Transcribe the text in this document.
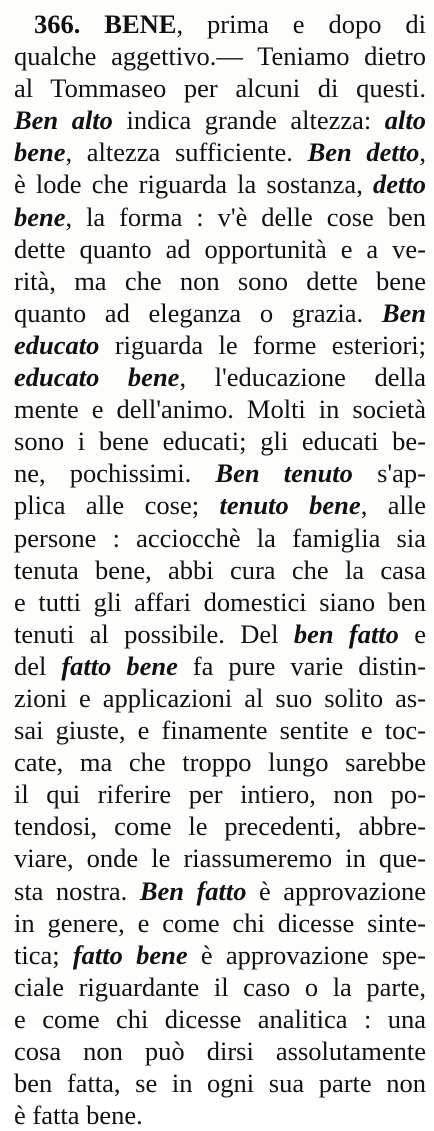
366. BENE, prima e dopo di
qualche aggettivo.— Teniamo dietro
al Tommaseo per alcuni di questi.
Ben alto indica grande altezza: alto
bene, altezza sufficiente. Ben detto,
è lode che riguarda la sostanza, detto
bene, la forma : v'è delle cose ben
dette quanto ad opportunità e a ve-
rità, ma che non sono dette bene
quanto ad eleganza o grazia. Ben
educato riguarda le forme esteriori;
educato bene, l'educazione della
mente e dell'animo. Molti in società
sono i bene educati; gli educati be-
ne, pochissimi. Ben tenuto s'ap-
plica alle cose; tenuto bene, alle
persone : acciocchè la famiglia sia
tenuta bene, abbi cura che la casa
e tutti gli affari domestici siano ben
tenuti al possibile. Del ben fatto e
del fatto bene fa pure varie distin-
zioni e applicazioni al suo solito as-
sai giuste, e finamente sentite e toc-
cate, ma che troppo lungo sarebbe
il qui riferire per intiero, non po-
tendosi, come le precedenti, abbre-
viare, onde le riassumeremo in que-
sta nostra. Ben fatto è approvazione
in genere, e come chi dicesse sinte-
tica; fatto bene è approvazione spe-
ciale riguardante il caso o la parte,
e come chi dicesse analitica : una
cosa non può dirsi assolutamente
ben fatta, se in ogni sua parte non
è fatta bene.
